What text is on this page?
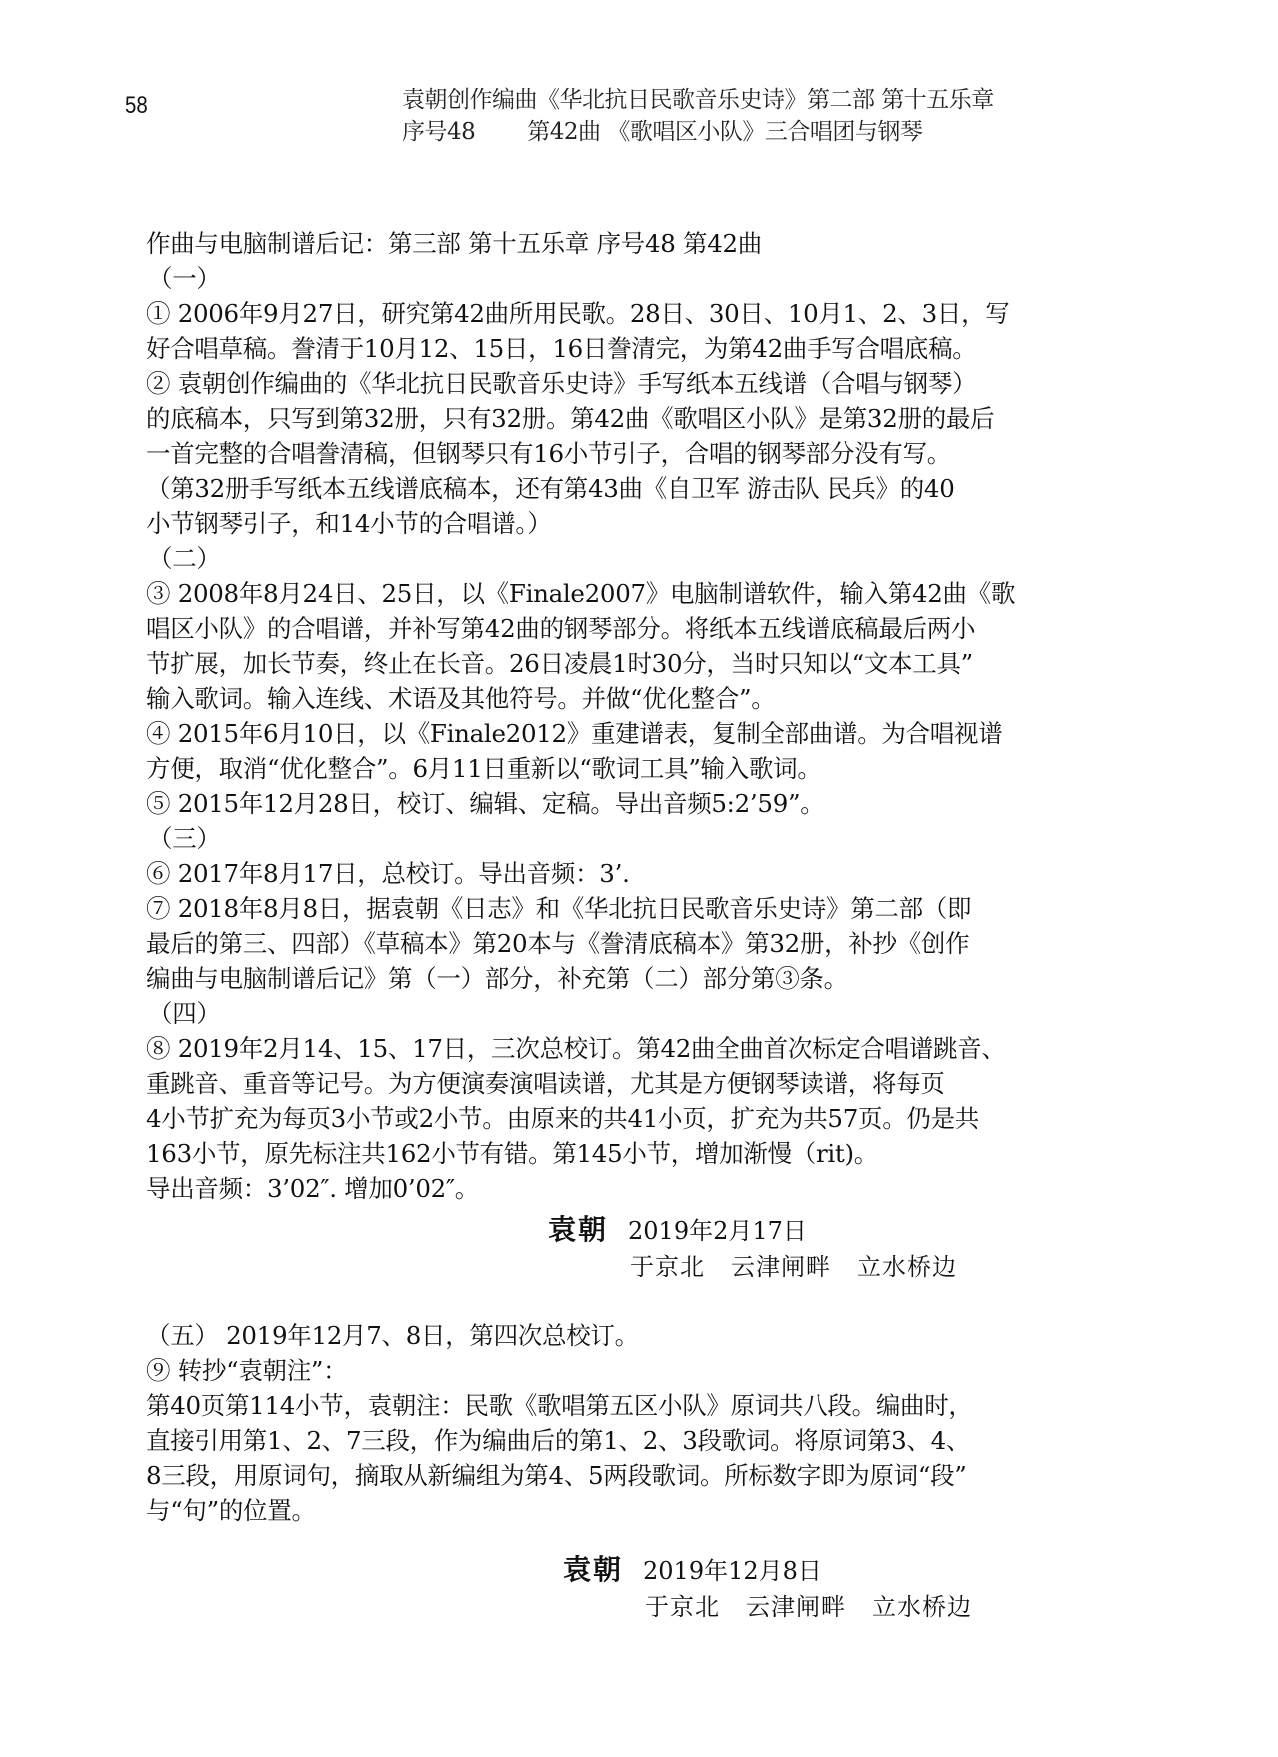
58	袁朝创作编曲《华北抗日民歌音乐史诗》第二部 第十五乐章
序号48 第42曲 《歌唱区小队》三合唱团与钢琴

作曲与电脑制谱后记：第三部 第十五乐章 序号48 第42曲

（一）

① 2006年9月27日，研究第42曲所用民歌。28日、30日、10月1、2、3日，写

好合唱草稿。誊清于10月12、15日，16日誊清完，为第42曲手写合唱底稿。

② 袁朝创作编曲的《华北抗日民歌音乐史诗》手写纸本五线谱（合唱与钢琴）

的底稿本，只写到第32册，只有32册。第42曲《歌唱区小队》是第32册的最后

一首完整的合唱誊清稿，但钢琴只有16小节引子，合唱的钢琴部分没有写。

（第32册手写纸本五线谱底稿本，还有第43曲《自卫军 游击队 民兵》的40

小节钢琴引子，和14小节的合唱谱。）

（二）

③ 2008年8月24日、25日，以《Finale2007》电脑制谱软件，输入第42曲《歌

唱区小队》的合唱谱，并补写第42曲的钢琴部分。将纸本五线谱底稿最后两小

节扩展，加长节奏，终止在长音。26日凌晨1时30分，当时只知以“文本工具”

输入歌词。输入连线、术语及其他符号。并做“优化整合”。

④ 2015年6月10日，以《Finale2012》重建谱表，复制全部曲谱。为合唱视谱

方便，取消“优化整合”。6月11日重新以“歌词工具”输入歌词。

⑤ 2015年12月28日，校订、编辑、定稿。导出音频5:2’59”。

（三）

⑥ 2017年8月17日，总校订。导出音频：3’.

⑦ 2018年8月8日，据袁朝《日志》和《华北抗日民歌音乐史诗》第二部（即

最后的第三、四部）《草稿本》第20本与《誊清底稿本》第32册，补抄《创作

编曲与电脑制谱后记》第（一）部分，补充第（二）部分第③条。

（四）

⑧ 2019年2月14、15、17日，三次总校订。第42曲全曲首次标定合唱谱跳音、

重跳音、重音等记号。为方便演奏演唱读谱，尤其是方便钢琴读谱，将每页

4小节扩充为每页3小节或2小节。由原来的共41小页，扩充为共57页。仍是共

163小节，原先标注共162小节有错。第145小节，增加渐慢（rit)。

导出音频：3’02″. 增加0’02″。

袁朝 2019年2月17日
于京北 云津闸畔 立水桥边

（五） 2019年12月7、8日，第四次总校订。

⑨ 转抄“袁朝注”：

第40页第114小节，袁朝注：民歌《歌唱第五区小队》原词共八段。编曲时，

直接引用第1、2、7三段，作为编曲后的第1、2、3段歌词。将原词第3、4、

8三段，用原词句，摘取从新编组为第4、5两段歌词。所标数字即为原词“段”

与“句”的位置。

袁朝 2019年12月8日
于京北 云津闸畔 立水桥边
